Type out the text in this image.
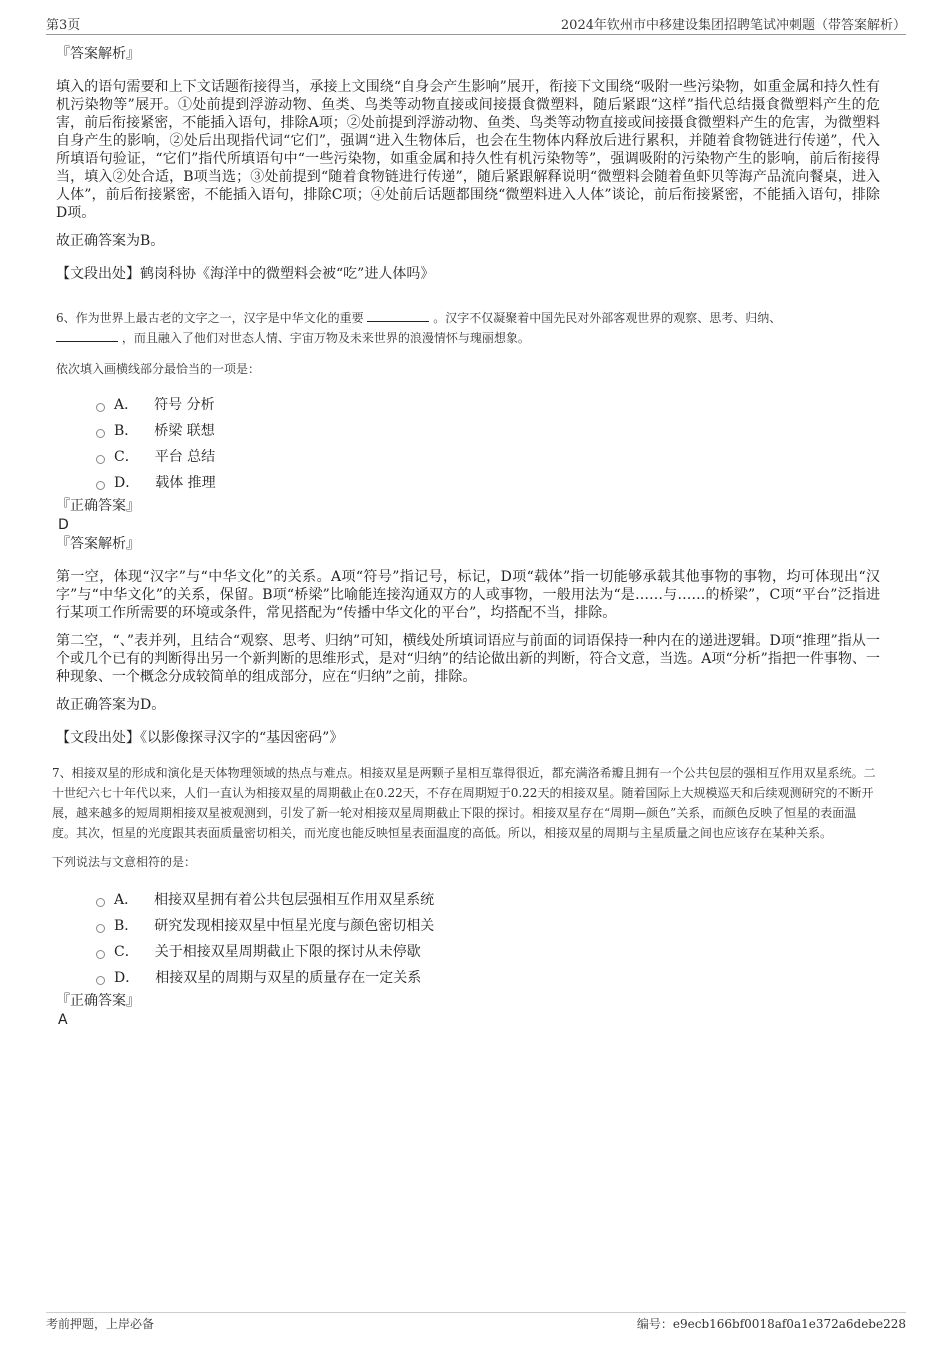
第3页	2024年钦州市中移建设集团招聘笔试冲刺题（带答案解析）

『答案解析』

填入的语句需要和上下文话题衔接得当，承接上文围绕“自身会产生影响”展开，衔接下文围绕“吸附一些污染物，如重金属和持久性有机污染物等”展开。①处前提到浮游动物、鱼类、鸟类等动物直接或间接摄食微塑料，随后紧跟“这样”指代总结摄食微塑料产生的危害，前后衔接紧密，不能插入语句，排除A项；②处前提到浮游动物、鱼类、鸟类等动物直接或间接摄食微塑料产生的危害，为微塑料自身产生的影响，②处后出现指代词“它们”，强调“进入生物体后，也会在生物体内释放后进行累积，并随着食物链进行传递”，代入所填语句验证，“它们”指代所填语句中“一些污染物，如重金属和持久性有机污染物等”，强调吸附的污染物产生的影响，前后衔接得当，填入②处合适，B项当选；③处前提到“随着食物链进行传递”，随后紧跟解释说明“微塑料会随着鱼虾贝等海产品流向餐桌，进入人体”，前后衔接紧密，不能插入语句，排除C项；④处前后话题都围绕“微塑料进入人体”谈论，前后衔接紧密，不能插入语句，排除D项。

故正确答案为B。

【文段出处】鹤岗科协《海洋中的微塑料会被“吃”进人体吗》

6、作为世界上最古老的文字之一，汉字是中华文化的重要	。汉字不仅凝聚着中国先民对外部客观世界的观察、思考、归纳、
，而且融入了他们对世态人情、宇宙万物及未来世界的浪漫情怀与瑰丽想象。

依次填入画横线部分最恰当的一项是：

A． 符号 分析
B． 桥梁 联想
C． 平台 总结
D． 载体 推理

『正确答案』

D

『答案解析』

第一空，体现“汉字”与“中华文化”的关系。A项“符号”指记号，标记，D项“载体”指一切能够承载其他事物的事物，均可体现出“汉字”与“中华文化”的关系，保留。B项“桥梁”比喻能连接沟通双方的人或事物，一般用法为“是……与……的桥梁”，C项“平台”泛指进行某项工作所需要的环境或条件，常见搭配为“传播中华文化的平台”，均搭配不当，排除。

第二空，“、”表并列，且结合“观察、思考、归纳”可知，横线处所填词语应与前面的词语保持一种内在的递进逻辑。D项“推理”指从一个或几个已有的判断得出另一个新判断的思维形式，是对“归纳”的结论做出新的判断，符合文意，当选。A项“分析”指把一件事物、一种现象、一个概念分成较简单的组成部分，应在“归纳”之前，排除。

故正确答案为D。

【文段出处】《以影像探寻汉字的“基因密码”》

7、相接双星的形成和演化是天体物理领域的热点与难点。相接双星是两颗子星相互靠得很近，都充满洛希瓣且拥有一个公共包层的强相互作用双星系统。二十世纪六七十年代以来，人们一直认为相接双星的周期截止在0.22天，不存在周期短于0.22天的相接双星。随着国际上大规模巡天和后续观测研究的不断开展，越来越多的短周期相接双星被观测到，引发了新一轮对相接双星周期截止下限的探讨。相接双星存在“周期—颜色”关系，而颜色反映了恒星的表面温度。其次，恒星的光度跟其表面质量密切相关，而光度也能反映恒星表面温度的高低。所以，相接双星的周期与主星质量之间也应该存在某种关系。

下列说法与文意相符的是：

A． 相接双星拥有着公共包层强相互作用双星系统
B． 研究发现相接双星中恒星光度与颜色密切相关
C． 关于相接双星周期截止下限的探讨从未停歇
D． 相接双星的周期与双星的质量存在一定关系

『正确答案』

A

考前押题，上岸必备	编号：e9ecb166bf0018af0a1e372a6debe228
